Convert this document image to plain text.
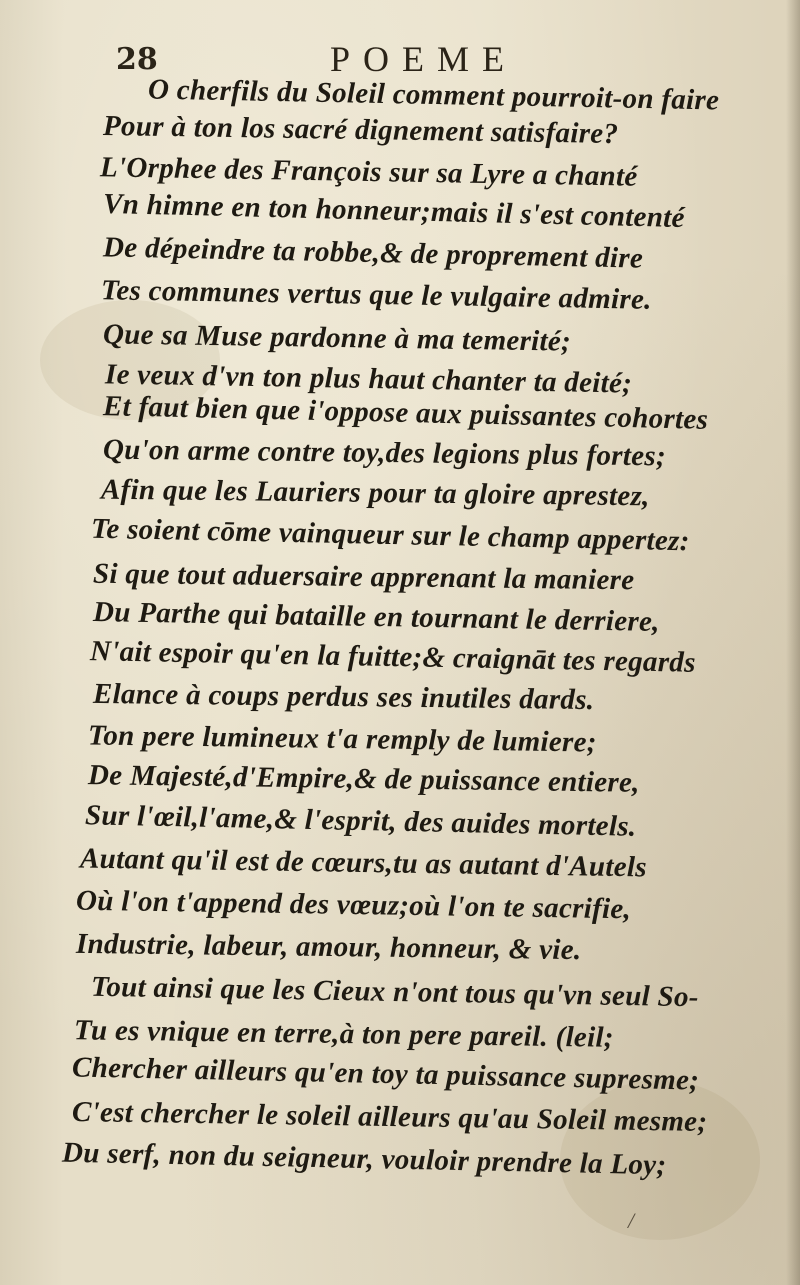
28	POEME
O cherfils du Soleil comment pourroit-on faire
Pour à ton los sacré dignement satisfaire?
L'Orphee des François sur sa Lyre a chanté
Vn himne en ton honneur;mais il s'est contenté
De dépeindre ta robbe,& de proprement dire
Tes communes vertus que le vulgaire admire.
Que sa Muse pardonne à ma temerité;
Ie veux d'vn ton plus haut chanter ta deité;
Et faut bien que i'oppose aux puissantes cohortes
Qu'on arme contre toy,des legions plus fortes;
Afin que les Lauriers pour ta gloire aprestez,
Te soient cōme vainqueur sur le champ appertez:
Si que tout aduersaire apprenant la maniere
Du Parthe qui bataille en tournant le derriere,
N'ait espoir qu'en la fuitte;& craignāt tes regards
Elance à coups perdus ses inutiles dards.
Ton pere lumineux t'a remply de lumiere;
De Majesté,d'Empire,& de puissance entiere,
Sur l'œil,l'ame,& l'esprit, des auides mortels.
Autant qu'il est de cœurs,tu as autant d'Autels
Où l'on t'append des vœuz;où l'on te sacrifie,
Industrie, labeur, amour, honneur, & vie.
Tout ainsi que les Cieux n'ont tous qu'vn seul So-
Tu es vnique en terre,à ton pere pareil. (leil;
Chercher ailleurs qu'en toy ta puissance supresme;
C'est chercher le soleil ailleurs qu'au Soleil mesme;
Du serf, non du seigneur, vouloir prendre la Loy;
/
